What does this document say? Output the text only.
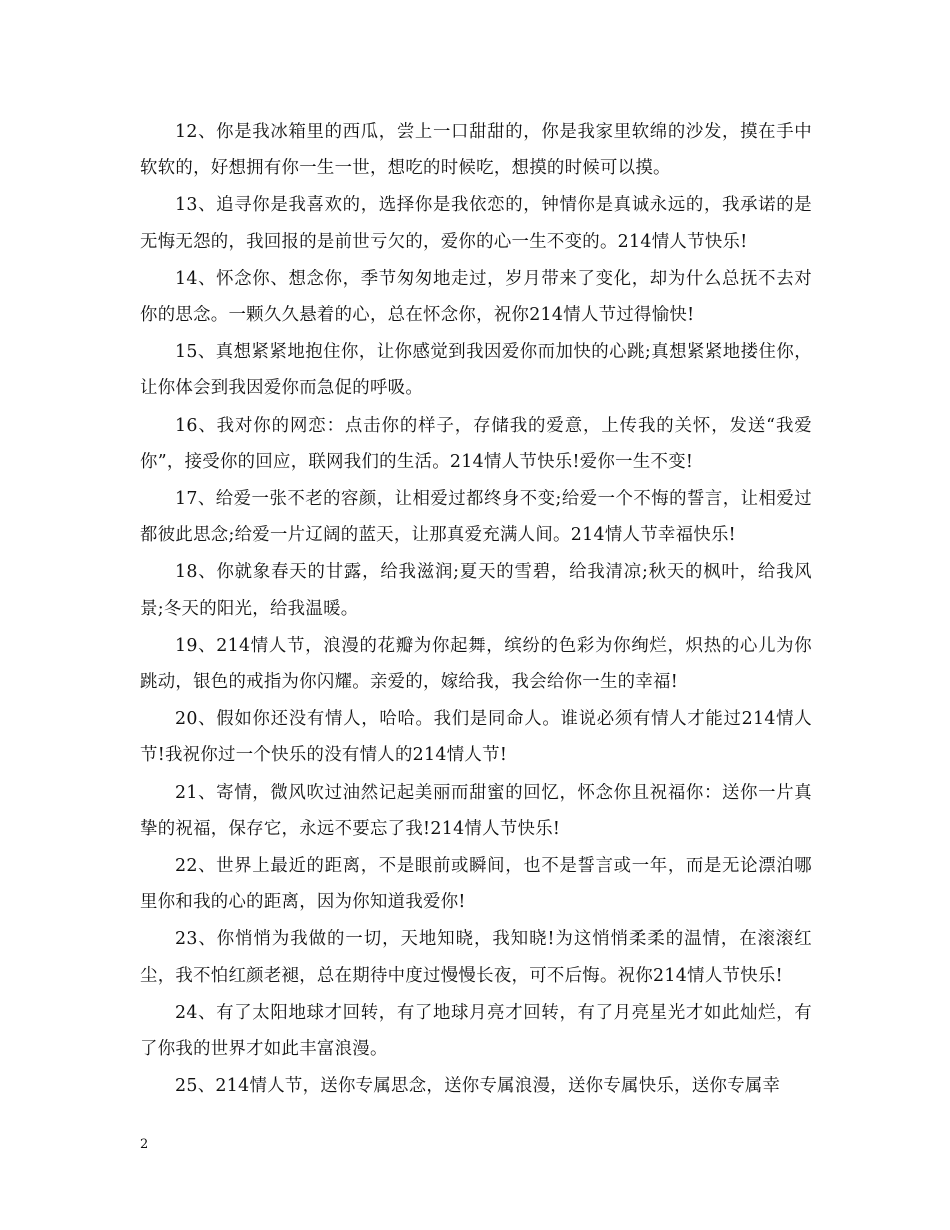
12、你是我冰箱里的西瓜，尝上一口甜甜的，你是我家里软绵的沙发，摸在手中软软的，好想拥有你一生一世，想吃的时候吃，想摸的时候可以摸。

13、追寻你是我喜欢的，选择你是我依恋的，钟情你是真诚永远的，我承诺的是无悔无怨的，我回报的是前世亏欠的，爱你的心一生不变的。214情人节快乐!

14、怀念你、想念你，季节匆匆地走过，岁月带来了变化，却为什么总抚不去对你的思念。一颗久久悬着的心，总在怀念你，祝你214情人节过得愉快!

15、真想紧紧地抱住你，让你感觉到我因爱你而加快的心跳;真想紧紧地搂住你，让你体会到我因爱你而急促的呼吸。

16、我对你的网恋：点击你的样子，存储我的爱意，上传我的关怀，发送“我爱你”，接受你的回应，联网我们的生活。214情人节快乐!爱你一生不变!

17、给爱一张不老的容颜，让相爱过都终身不变;给爱一个不悔的誓言，让相爱过都彼此思念;给爱一片辽阔的蓝天，让那真爱充满人间。214情人节幸福快乐!

18、你就象春天的甘露，给我滋润;夏天的雪碧，给我清凉;秋天的枫叶，给我风景;冬天的阳光，给我温暖。

19、214情人节，浪漫的花瓣为你起舞，缤纷的色彩为你绚烂，炽热的心儿为你跳动，银色的戒指为你闪耀。亲爱的，嫁给我，我会给你一生的幸福!

20、假如你还没有情人，哈哈。我们是同命人。谁说必须有情人才能过214情人节!我祝你过一个快乐的没有情人的214情人节!

21、寄情，微风吹过油然记起美丽而甜蜜的回忆，怀念你且祝福你：送你一片真挚的祝福，保存它，永远不要忘了我!214情人节快乐!

22、世界上最近的距离，不是眼前或瞬间，也不是誓言或一年，而是无论漂泊哪里你和我的心的距离，因为你知道我爱你!

23、你悄悄为我做的一切，天地知晓，我知晓!为这悄悄柔柔的温情，在滚滚红尘，我不怕红颜老褪，总在期待中度过慢慢长夜，可不后悔。祝你214情人节快乐!

24、有了太阳地球才回转，有了地球月亮才回转，有了月亮星光才如此灿烂，有了你我的世界才如此丰富浪漫。

25、214情人节，送你专属思念，送你专属浪漫，送你专属快乐，送你专属幸

2
